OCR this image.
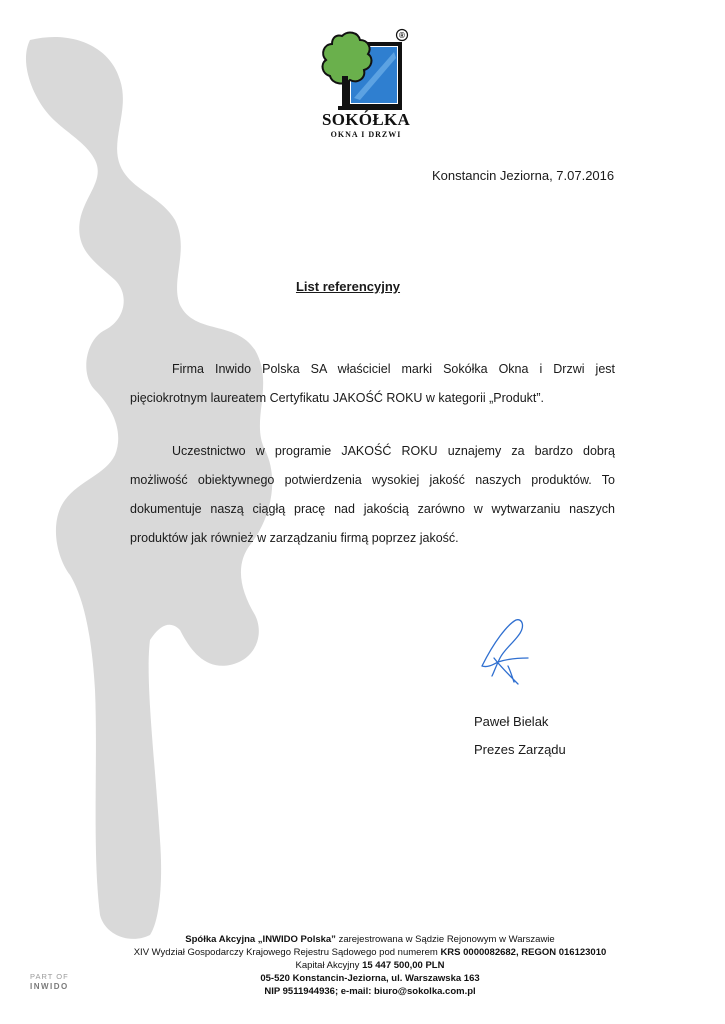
®
SOKÓŁKA
OKNA I DRZWI
Konstancin Jeziorna, 7.07.2016
List referencyjny
Firma Inwido Polska SA właściciel marki Sokółka Okna i Drzwi jest pięciokrotnym laureatem Certyfikatu JAKOŚĆ ROKU w kategorii „Produkt”.
Uczestnictwo w programie JAKOŚĆ ROKU uznajemy za bardzo dobrą możliwość obiektywnego potwierdzenia wysokiej jakość naszych produktów. To dokumentuje naszą ciągłą pracę nad jakością zarówno w wytwarzaniu naszych produktów jak również w zarządzaniu firmą poprzez jakość.
Paweł Bielak
Prezes Zarządu
Spółka Akcyjna „INWIDO Polska” zarejestrowana w Sądzie Rejonowym w Warszawie
XIV Wydział Gospodarczy Krajowego Rejestru Sądowego pod numerem KRS 0000082682, REGON 016123010
Kapitał Akcyjny 15 447 500,00 PLN
05-520 Konstancin-Jeziorna, ul. Warszawska 163
NIP 9511944936; e-mail: biuro@sokolka.com.pl
PART OF
INWIDO
